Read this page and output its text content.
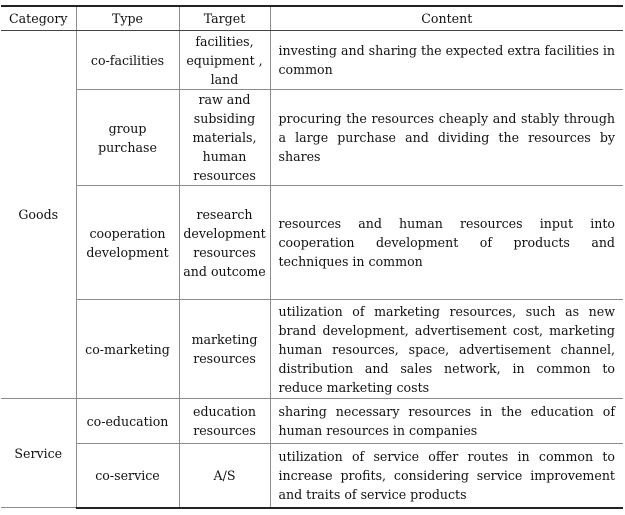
Category	Type	Target	Content
Goods	co-facilities	facilities, equipment , land	investing and sharing the expected extra facilities in common
	group purchase	raw and subsiding materials, human resources	procuring the resources cheaply and stably through a large purchase and dividing the resources by shares
	cooperation development	research development resources and outcome	resources and human resources input into cooperation development of products and techniques in common
	co-marketing	marketing resources	utilization of marketing resources, such as new brand development, advertisement cost, marketing human resources, space, advertisement channel, distribution and sales network, in common to reduce marketing costs
Service	co-education	education resources	sharing necessary resources in the education of human resources in companies
	co-service	A/S	utilization of service offer routes in common to increase profits, considering service improvement and traits of service products
